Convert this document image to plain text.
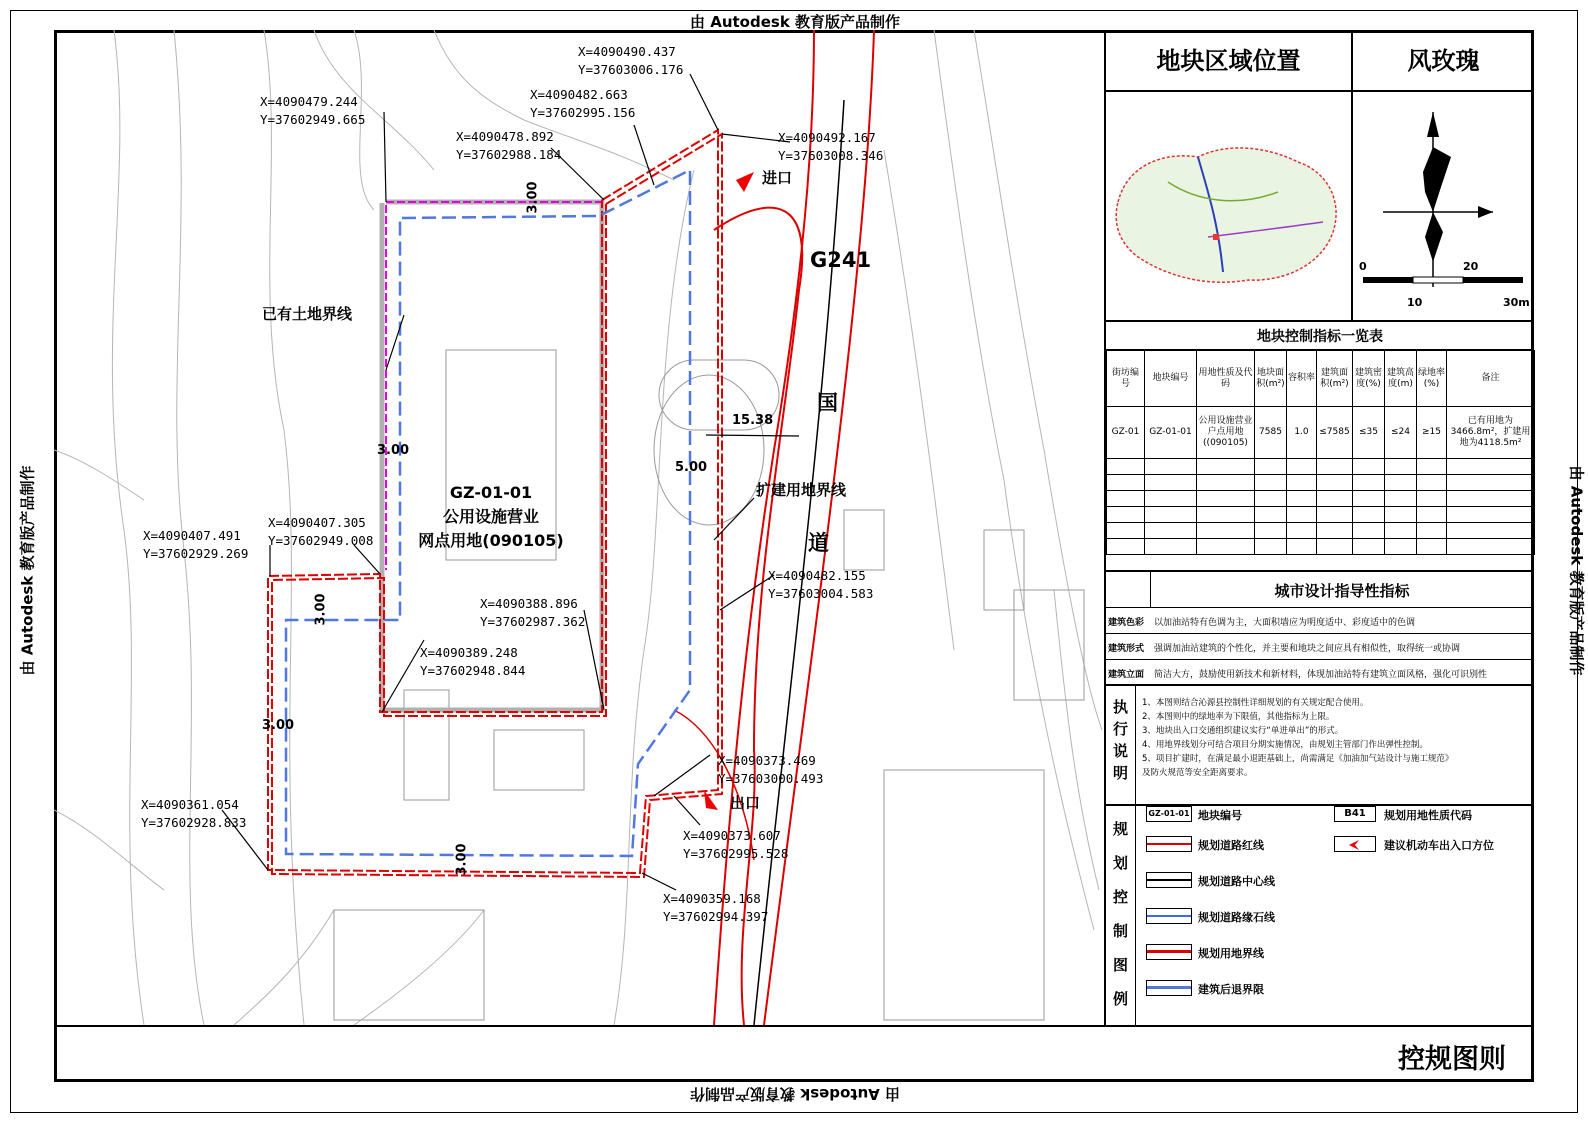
由 Autodesk 教育版产品制作
由 Autodesk 教育版产品制作
由 Autodesk 教育版产品制作	由 Autodesk 教育版产品制作
X=4090490.437
Y=37603006.176
X=4090479.244
Y=37602949.665
X=4090482.663
Y=37602995.156
X=4090478.892
Y=37602988.184
X=4090492.167
Y=37603008.346
X=4090407.491
Y=37602929.269
X=4090407.305
Y=37602949.008
X=4090482.155
Y=37603004.583
X=4090388.896
Y=37602987.362
X=4090389.248
Y=37602948.844
X=4090373.469
Y=37603000.493
X=4090361.054
Y=37602928.833
X=4090373.607
Y=37602995.528
X=4090359.168
Y=37602994.397
3.00
3.00
5.00
15.38
3.00
3.00
3.00
已有土地界线
扩建用地界线
进口
出口
G241
国
道
GZ-01-01
公用设施营业
网点用地(090105)
地块区域位置	风玫瑰
0
10
20
30m
地块控制指标一览表
街坊编号	地块编号	用地性质及代码	地块面积(m²)	容积率	建筑面积(m²)	建筑密度(%)	建筑高度(m)	绿地率(%)	备注
GZ-01	GZ-01-01	公用设施营业户点用地((090105)	7585	1.0	≤7585	≤35	≤24	≥15	已有用地为3466.8m²，扩建用地为4118.5m²

城市设计指导性指标
建筑色彩 以加油站特有色调为主，大面积墙应为明度适中、彩度适中的色调
建筑形式 强调加油站建筑的个性化，并主要和地块之间应具有相似性，取得统一或协调
建筑立面 简洁大方，鼓励使用新技术和新材料，体现加油站特有建筑立面风格，强化可识别性
执
行
说
明
1、本图则结合沁源县控制性详细规划的有关规定配合使用。
2、本图则中的绿地率为下限值，其他指标为上限。
3、地块出入口交通组织建议实行“单进单出”的形式。
4、用地界线划分可结合项目分期实施情况，由规划主管部门作出弹性控制。
5、项目扩建时，在满足最小退距基础上，尚需满足《加油加气站设计与施工规范》
及防火规范等安全距离要求。
规
划
控
制
图
例
GZ-01-01 地块编号	B41	规划用地性质代码
规划道路红线	建议机动车出入口方位
规划道路中心线
规划道路缘石线
规划用地界线
建筑后退界限
控规图则
